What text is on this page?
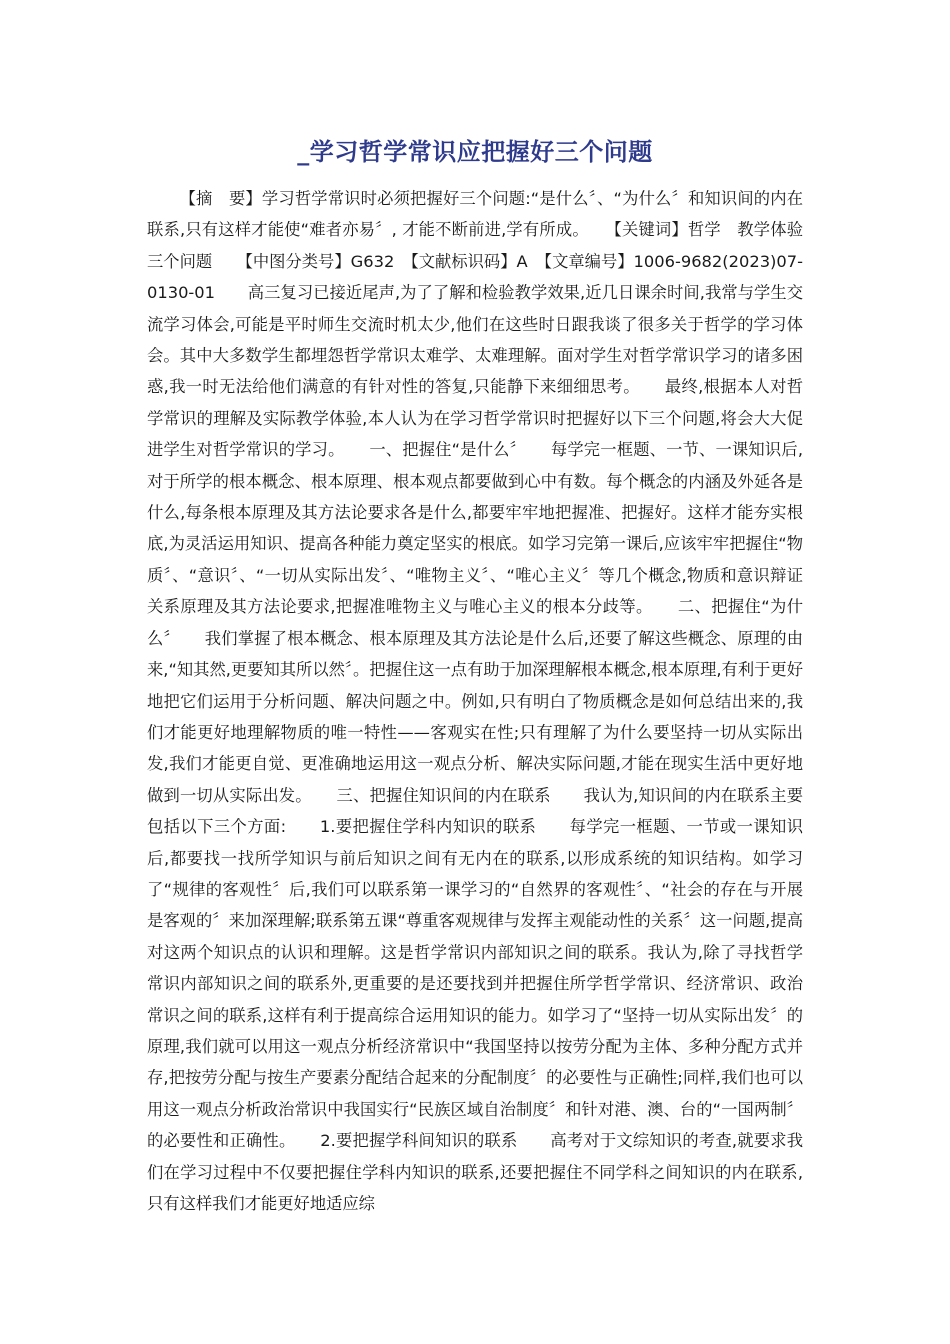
_学习哲学常识应把握好三个问题

【摘　要】学习哲学常识时必须把握好三个问题:“是什么〞、“为什么〞和知识间的内在联系,只有这样才能使“难者亦易〞, 才能不断前进,学有所成。　　【关键词】哲学　教学体验　三个问题　　【中图分类号】G632　【文献标识码】A　【文章编号】1006-9682(2023)07-0130-01　　高三复习已接近尾声,为了了解和检验教学效果,近几日课余时间,我常与学生交流学习体会,可能是平时师生交流时机太少,他们在这些时日跟我谈了很多关于哲学的学习体会。其中大多数学生都埋怨哲学常识太难学、太难理解。面对学生对哲学常识学习的诸多困惑,我一时无法给他们满意的有针对性的答复,只能静下来细细思考。　　最终,根据本人对哲学常识的理解及实际教学体验,本人认为在学习哲学常识时把握好以下三个问题,将会大大促进学生对哲学常识的学习。　　一、把握住“是什么〞　　每学完一框题、一节、一课知识后,对于所学的根本概念、根本原理、根本观点都要做到心中有数。每个概念的内涵及外延各是什么,每条根本原理及其方法论要求各是什么,都要牢牢地把握准、把握好。这样才能夯实根底,为灵活运用知识、提高各种能力奠定坚实的根底。如学习完第一课后,应该牢牢把握住“物质〞、“意识〞、“一切从实际出发〞、“唯物主义〞、“唯心主义〞等几个概念,物质和意识辩证关系原理及其方法论要求,把握准唯物主义与唯心主义的根本分歧等。　　二、把握住“为什么〞　　我们掌握了根本概念、根本原理及其方法论是什么后,还要了解这些概念、原理的由来,“知其然,更要知其所以然〞。把握住这一点有助于加深理解根本概念,根本原理,有利于更好地把它们运用于分析问题、解决问题之中。例如,只有明白了物质概念是如何总结出来的,我们才能更好地理解物质的唯一特性——客观实在性;只有理解了为什么要坚持一切从实际出发,我们才能更自觉、更准确地运用这一观点分析、解决实际问题,才能在现实生活中更好地做到一切从实际出发。　　三、把握住知识间的内在联系　　我认为,知识间的内在联系主要包括以下三个方面:　　1.要把握住学科内知识的联系　　每学完一框题、一节或一课知识后,都要找一找所学知识与前后知识之间有无内在的联系,以形成系统的知识结构。如学习了“规律的客观性〞后,我们可以联系第一课学习的“自然界的客观性〞、“社会的存在与开展是客观的〞来加深理解;联系第五课“尊重客观规律与发挥主观能动性的关系〞这一问题,提高对这两个知识点的认识和理解。这是哲学常识内部知识之间的联系。我认为,除了寻找哲学常识内部知识之间的联系外,更重要的是还要找到并把握住所学哲学常识、经济常识、政治常识之间的联系,这样有利于提高综合运用知识的能力。如学习了“坚持一切从实际出发〞的原理,我们就可以用这一观点分析经济常识中“我国坚持以按劳分配为主体、多种分配方式并存,把按劳分配与按生产要素分配结合起来的分配制度〞的必要性与正确性;同样,我们也可以用这一观点分析政治常识中我国实行“民族区域自治制度〞和针对港、澳、台的“一国两制〞的必要性和正确性。　　2.要把握学科间知识的联系　　高考对于文综知识的考查,就要求我们在学习过程中不仅要把握住学科内知识的联系,还要把握住不同学科之间知识的内在联系,只有这样我们才能更好地适应综
